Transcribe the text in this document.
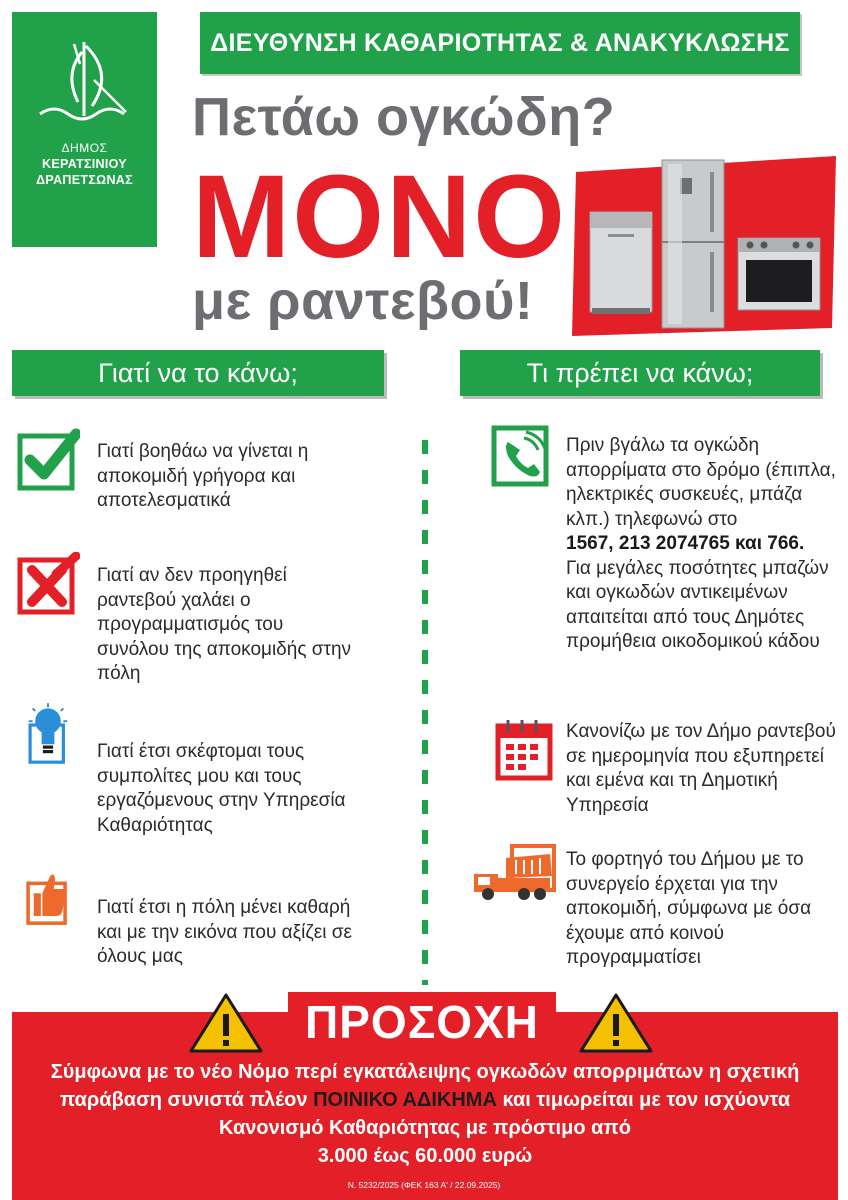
ΔΗΜΟΣ
ΚΕΡΑΤΣΙΝΙΟΥ
ΔΡΑΠΕΤΣΩΝΑΣ
ΔΙΕΥΘΥΝΣΗ ΚΑΘΑΡΙΟΤΗΤΑΣ & ΑΝΑΚΥΚΛΩΣΗΣ
Πετάω ογκώδη?
ΜΟΝΟ
με ραντεβού!
Γιατί να το κάνω;	Τι πρέπει να κάνω;
Γιατί βοηθάω να γίνεται η αποκομιδή γρήγορα και αποτελεσματικά
Γιατί αν δεν προηγηθεί ραντεβού χαλάει ο προγραμματισμός του συνόλου της αποκομιδής στην πόλη
Γιατί έτσι σκέφτομαι τους συμπολίτες μου και τους εργαζόμενους στην Υπηρεσία Καθαριότητας
Γιατί έτσι η πόλη μένει καθαρή και με την εικόνα που αξίζει σε όλους μας
Πριν βγάλω τα ογκώδη απορρίματα στο δρόμο (έπιπλα, ηλεκτρικές συσκευές, μπάζα κλπ.) τηλεφωνώ στο
1567, 213 2074765 και 766.
Για μεγάλες ποσότητες μπαζών και ογκωδών αντικειμένων απαιτείται από τους Δημότες προμήθεια οικοδομικού κάδου
Κανονίζω με τον Δήμο ραντεβού σε ημερομηνία που εξυπηρετεί και εμένα και τη Δημοτική Υπηρεσία
Το φορτηγό του Δήμου με το συνεργείο έρχεται για την αποκομιδή, σύμφωνα με όσα έχουμε από κοινού προγραμματίσει
ΠΡΟΣΟΧΗ
Σύμφωνα με το νέο Νόμο περί εγκατάλειψης ογκωδών απορριμάτων η σχετική παράβαση συνιστά πλέον ΠΟΙΝΙΚΟ ΑΔΙΚΗΜΑ και τιμωρείται με τον ισχύοντα Κανονισμό Καθαριότητας με πρόστιμο από
3.000 έως 60.000 ευρώ
Ν. 5232/2025 (ΦΕΚ 163 Α' / 22.09.2025)
